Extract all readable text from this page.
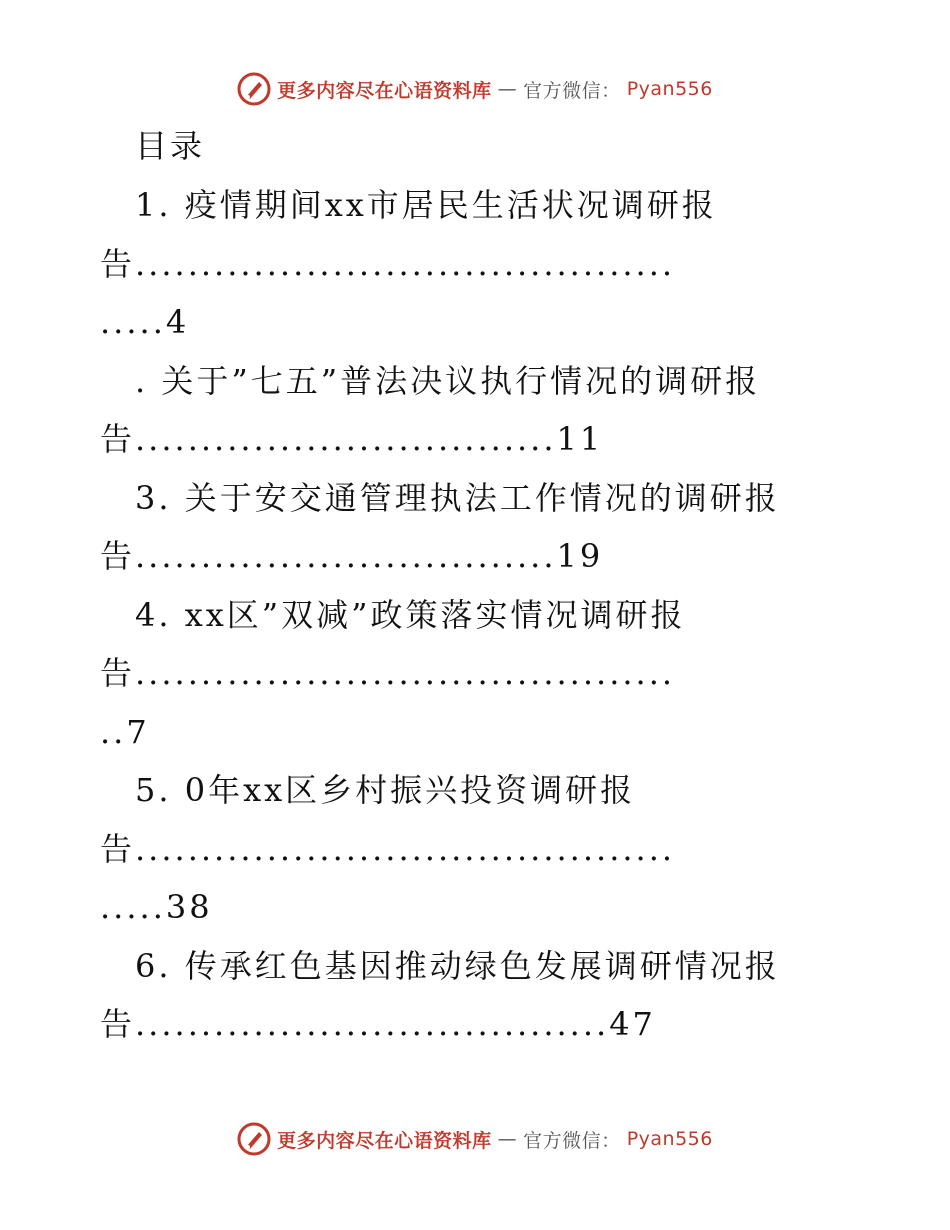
更多内容尽在心语资料库 — 官方微信： Pyan556
目录
1. 疫情期间xx市居民生活状况调研报
告.........................................
.....4
. 关于”七五”普法决议执行情况的调研报
告................................11
3. 关于安交通管理执法工作情况的调研报
告................................19
4. xx区”双减”政策落实情况调研报
告.........................................
..7
5. 0年xx区乡村振兴投资调研报
告.........................................
.....38
6. 传承红色基因推动绿色发展调研情况报
告....................................47
更多内容尽在心语资料库 — 官方微信： Pyan556
